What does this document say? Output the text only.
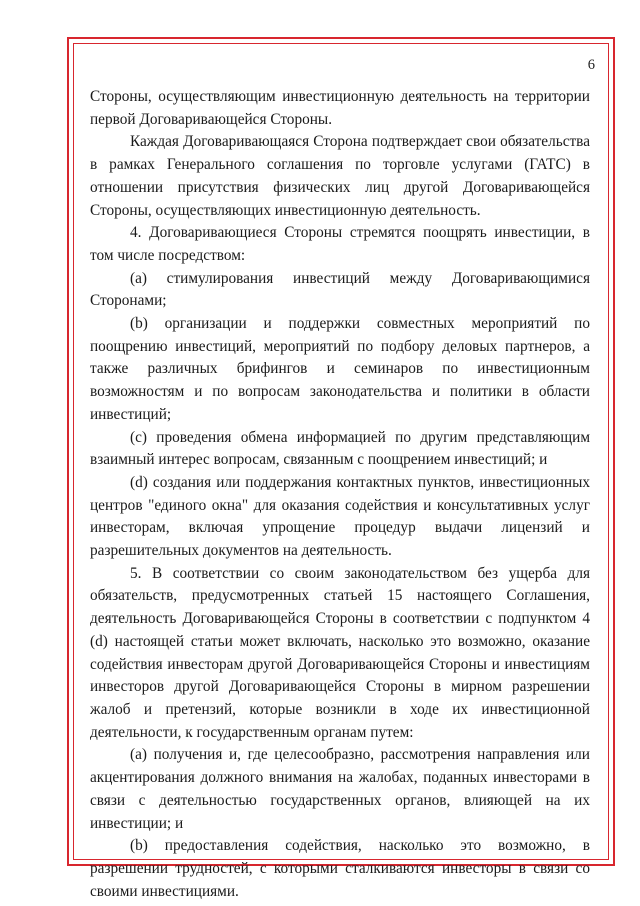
6

Стороны, осуществляющим инвестиционную деятельность на территории первой Договаривающейся Стороны.

Каждая Договаривающаяся Сторона подтверждает свои обязательства в рамках Генерального соглашения по торговле услугами (ГАТС) в отношении присутствия физических лиц другой Договаривающейся Стороны, осуществляющих инвестиционную деятельность.

4. Договаривающиеся Стороны стремятся поощрять инвестиции, в том числе посредством:

(a) стимулирования инвестиций между Договаривающимися Сторонами;

(b) организации и поддержки совместных мероприятий по поощрению инвестиций, мероприятий по подбору деловых партнеров, а также различных брифингов и семинаров по инвестиционным возможностям и по вопросам законодательства и политики в области инвестиций;

(c) проведения обмена информацией по другим представляющим взаимный интерес вопросам, связанным с поощрением инвестиций; и

(d) создания или поддержания контактных пунктов, инвестиционных центров "единого окна" для оказания содействия и консультативных услуг инвесторам, включая упрощение процедур выдачи лицензий и разрешительных документов на деятельность.

5. В соответствии со своим законодательством без ущерба для обязательств, предусмотренных статьей 15 настоящего Соглашения, деятельность Договаривающейся Стороны в соответствии с подпунктом 4 (d) настоящей статьи может включать, насколько это возможно, оказание содействия инвесторам другой Договаривающейся Стороны и инвестициям инвесторов другой Договаривающейся Стороны в мирном разрешении жалоб и претензий, которые возникли в ходе их инвестиционной деятельности, к государственным органам путем:

(a) получения и, где целесообразно, рассмотрения направления или акцентирования должного внимания на жалобах, поданных инвесторами в связи с деятельностью государственных органов, влияющей на их инвестиции; и

(b) предоставления содействия, насколько это возможно, в разрешении трудностей, с которыми сталкиваются инвесторы в связи со своими инвестициями.
